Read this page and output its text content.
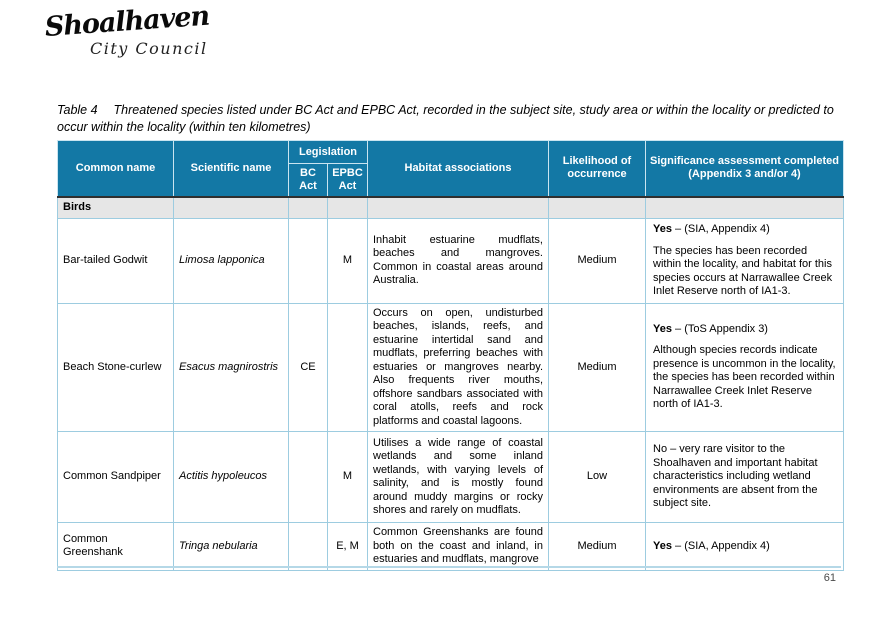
Shoalhaven
City Council

Table 4 Threatened species listed under BC Act and EPBC Act, recorded in the subject site, study area or within the locality or predicted to occur within the locality (within ten kilometres)

Common name	Scientific name	Legislation		Habitat associations	Likelihood of
occurrence	Significance assessment completed
(Appendix 3 and/or 4)

		BC
Act	EPBC
Act			

Birds						
Bar-tailed Godwit	Limosa lapponica		M	Inhabit estuarine mudflats, beaches and mangroves. Common in coastal areas around Australia.	Medium	Yes – (SIA, Appendix 4)

The species has been recorded within the locality, and habitat for this species occurs at Narrawallee Creek Inlet Reserve north of IA1-3.

Beach Stone-curlew	Esacus magnirostris	CE		Occurs on open, undisturbed beaches, islands, reefs, and estuarine intertidal sand and mudflats, preferring beaches with estuaries or mangroves nearby. Also frequents river mouths, offshore sandbars associated with coral atolls, reefs and rock platforms and coastal lagoons.	Medium	Yes – (ToS Appendix 3)

Although species records indicate presence is uncommon in the locality, the species has been recorded within Narrawallee Creek Inlet Reserve north of IA1-3.

Common Sandpiper	Actitis hypoleucos		M	Utilises a wide range of coastal wetlands and some inland wetlands, with varying levels of salinity, and is mostly found around muddy margins or rocky shores and rarely on mudflats.	Low	No – very rare visitor to the Shoalhaven and important habitat characteristics including wetland environments are absent from the subject site.

Common Greenshank	Tringa nebularia		E, M	Common Greenshanks are found both on the coast and inland, in estuaries and mudflats, mangrove	Medium	Yes – (SIA, Appendix 4)

61
